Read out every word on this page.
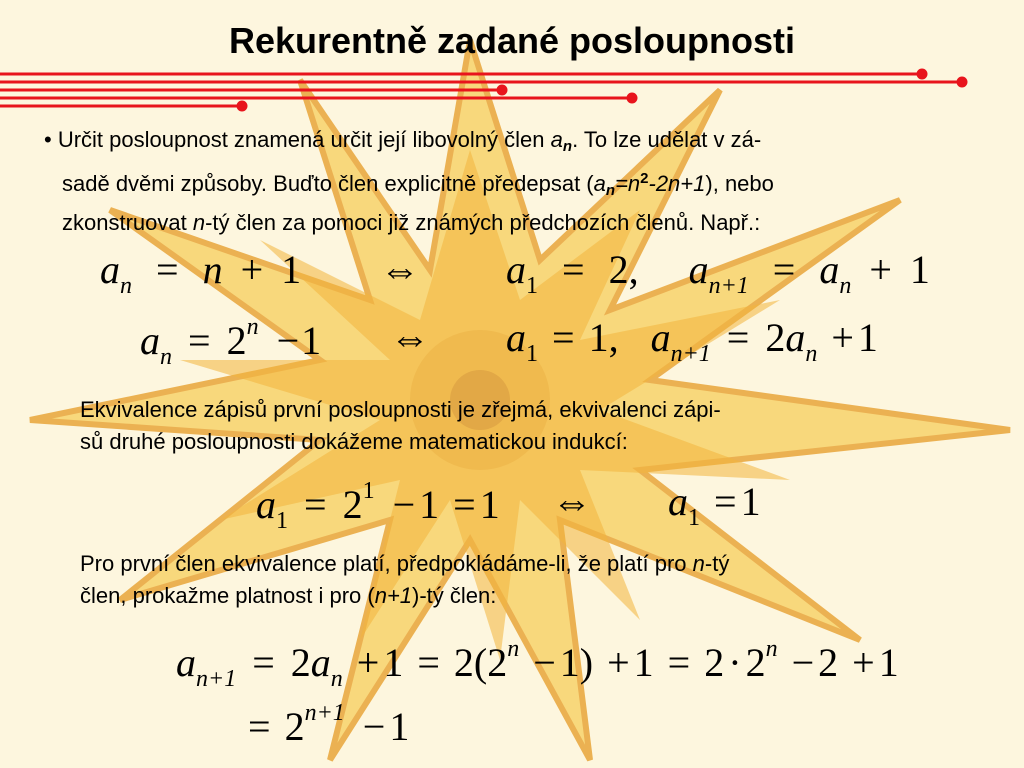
Rekurentně zadané posloupnosti
• Určit posloupnost znamená určit její libovolný člen $a_n$. To lze udělat v zá-
sadě dvěmi způsoby. Buďto člen explicitně předepsat $(a_n=n^2-2n+1)$, nebo
zkonstruovat n-tý člen za pomoci již známých předchozích členů. Např.:
$a_n = n + 1$ ⇔ $a_1 = 2$, $a_{n+1} = a_n + 1$
$a_n = 2^n -1$ ⇔ $a_1 = 1$, $a_{n+1} = 2a_n + 1$
Ekvivalence zápisů první posloupnosti je zřejmá, ekvivalenci zápi-
sů druhé posloupnosti dokážeme matematickou indukcí:
$a_1 = 2^1 - 1 = 1$ ⇔ $a_1 = 1$
Pro první člen ekvivalence platí, předpokládáme-li, že platí pro n-tý
člen, prokažme platnost i pro (n+1)-tý člen:
$a_{n+1} = 2a_n + 1 = 2(2^n - 1) + 1 = 2 \cdot 2^n - 2 + 1$
= $2^{n+1} - 1$
